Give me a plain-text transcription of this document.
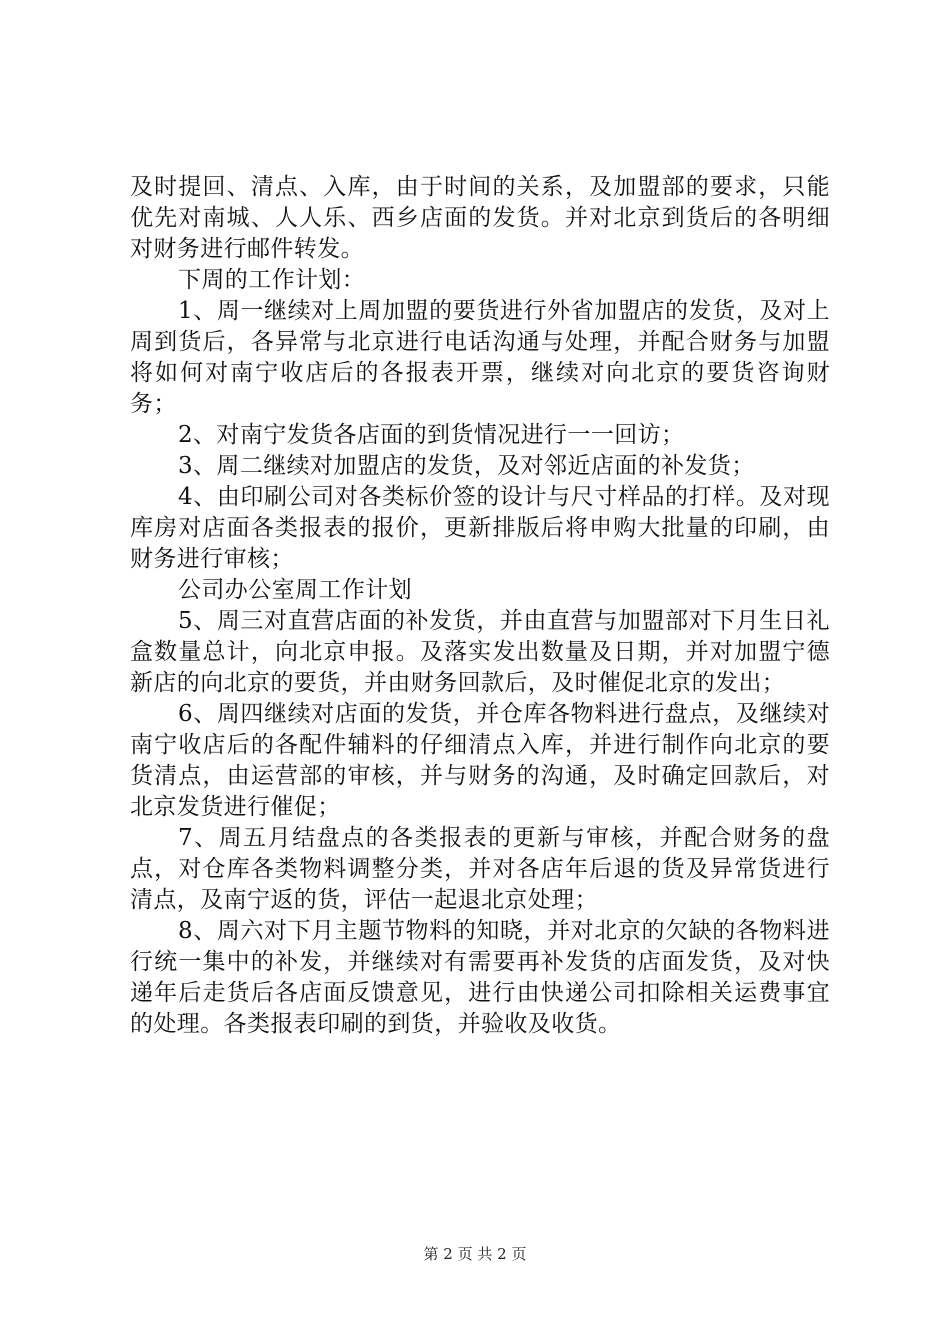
及时提回、清点、入库，由于时间的关系，及加盟部的要求，只能优先对南城、人人乐、西乡店面的发货。并对北京到货后的各明细对财务进行邮件转发。

下周的工作计划：

1、周一继续对上周加盟的要货进行外省加盟店的发货，及对上周到货后，各异常与北京进行电话沟通与处理，并配合财务与加盟将如何对南宁收店后的各报表开票，继续对向北京的要货咨询财务；

2、对南宁发货各店面的到货情况进行一一回访；

3、周二继续对加盟店的发货，及对邻近店面的补发货；

4、由印刷公司对各类标价签的设计与尺寸样品的打样。及对现库房对店面各类报表的报价，更新排版后将申购大批量的印刷，由财务进行审核；

公司办公室周工作计划

5、周三对直营店面的补发货，并由直营与加盟部对下月生日礼盒数量总计，向北京申报。及落实发出数量及日期，并对加盟宁德新店的向北京的要货，并由财务回款后，及时催促北京的发出；

6、周四继续对店面的发货，并仓库各物料进行盘点，及继续对南宁收店后的各配件辅料的仔细清点入库，并进行制作向北京的要货清点，由运营部的审核，并与财务的沟通，及时确定回款后，对北京发货进行催促；

7、周五月结盘点的各类报表的更新与审核，并配合财务的盘点，对仓库各类物料调整分类，并对各店年后退的货及异常货进行清点，及南宁返的货，评估一起退北京处理；

8、周六对下月主题节物料的知晓，并对北京的欠缺的各物料进行统一集中的补发，并继续对有需要再补发货的店面发货，及对快递年后走货后各店面反馈意见，进行由快递公司扣除相关运费事宜的处理。各类报表印刷的到货，并验收及收货。

第 2 页 共 2 页
